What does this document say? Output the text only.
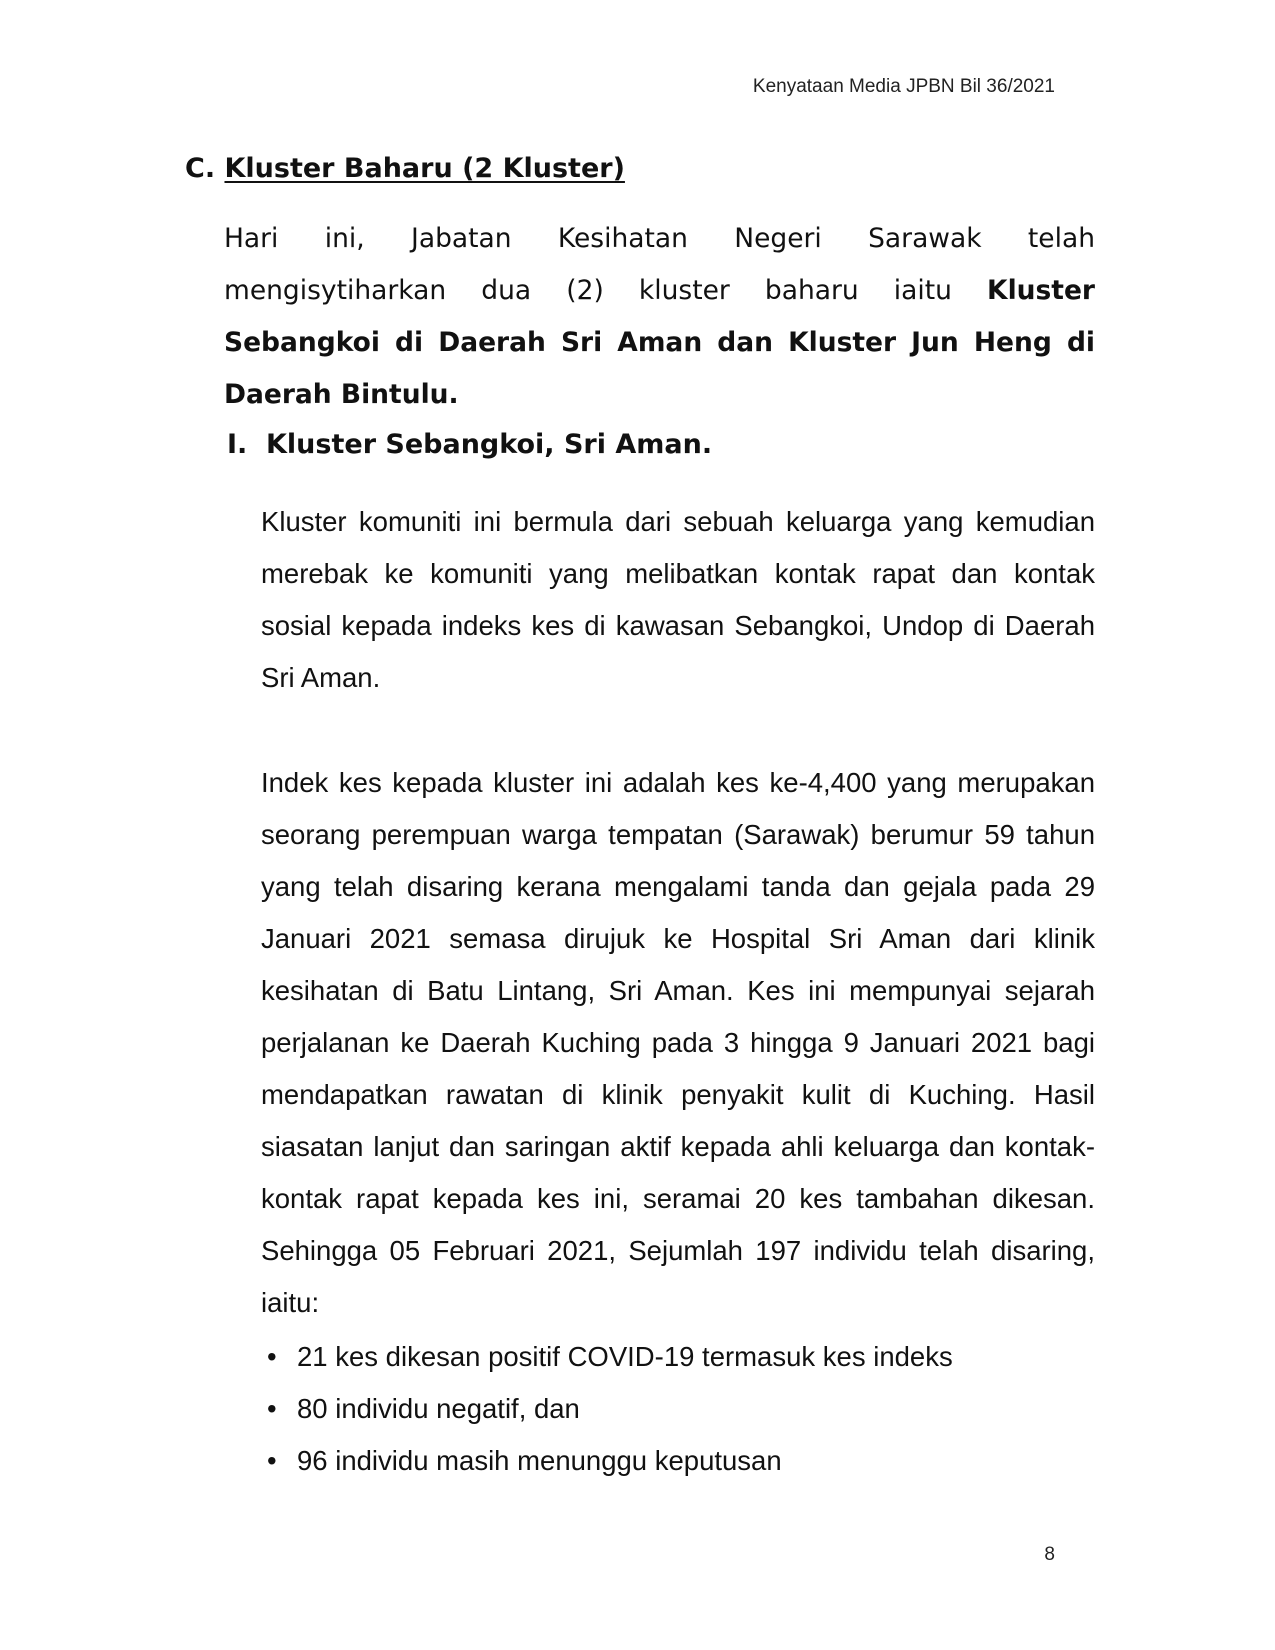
Kenyataan Media JPBN Bil 36/2021

C. Kluster Baharu (2 Kluster)

Hari ini, Jabatan Kesihatan Negeri Sarawak telah mengisytiharkan dua (2) kluster baharu iaitu Kluster Sebangkoi di Daerah Sri Aman dan Kluster Jun Heng di Daerah Bintulu.

I. Kluster Sebangkoi, Sri Aman.

Kluster komuniti ini bermula dari sebuah keluarga yang kemudian merebak ke komuniti yang melibatkan kontak rapat dan kontak sosial kepada indeks kes di kawasan Sebangkoi, Undop di Daerah Sri Aman.

Indek kes kepada kluster ini adalah kes ke-4,400 yang merupakan seorang perempuan warga tempatan (Sarawak) berumur 59 tahun yang telah disaring kerana mengalami tanda dan gejala pada 29 Januari 2021 semasa dirujuk ke Hospital Sri Aman dari klinik kesihatan di Batu Lintang, Sri Aman. Kes ini mempunyai sejarah perjalanan ke Daerah Kuching pada 3 hingga 9 Januari 2021 bagi mendapatkan rawatan di klinik penyakit kulit di Kuching. Hasil siasatan lanjut dan saringan aktif kepada ahli keluarga dan kontak-kontak rapat kepada kes ini, seramai 20 kes tambahan dikesan. Sehingga 05 Februari 2021, Sejumlah 197 individu telah disaring, iaitu:

• 21 kes dikesan positif COVID-19 termasuk kes indeks
• 80 individu negatif, dan
• 96 individu masih menunggu keputusan

8
